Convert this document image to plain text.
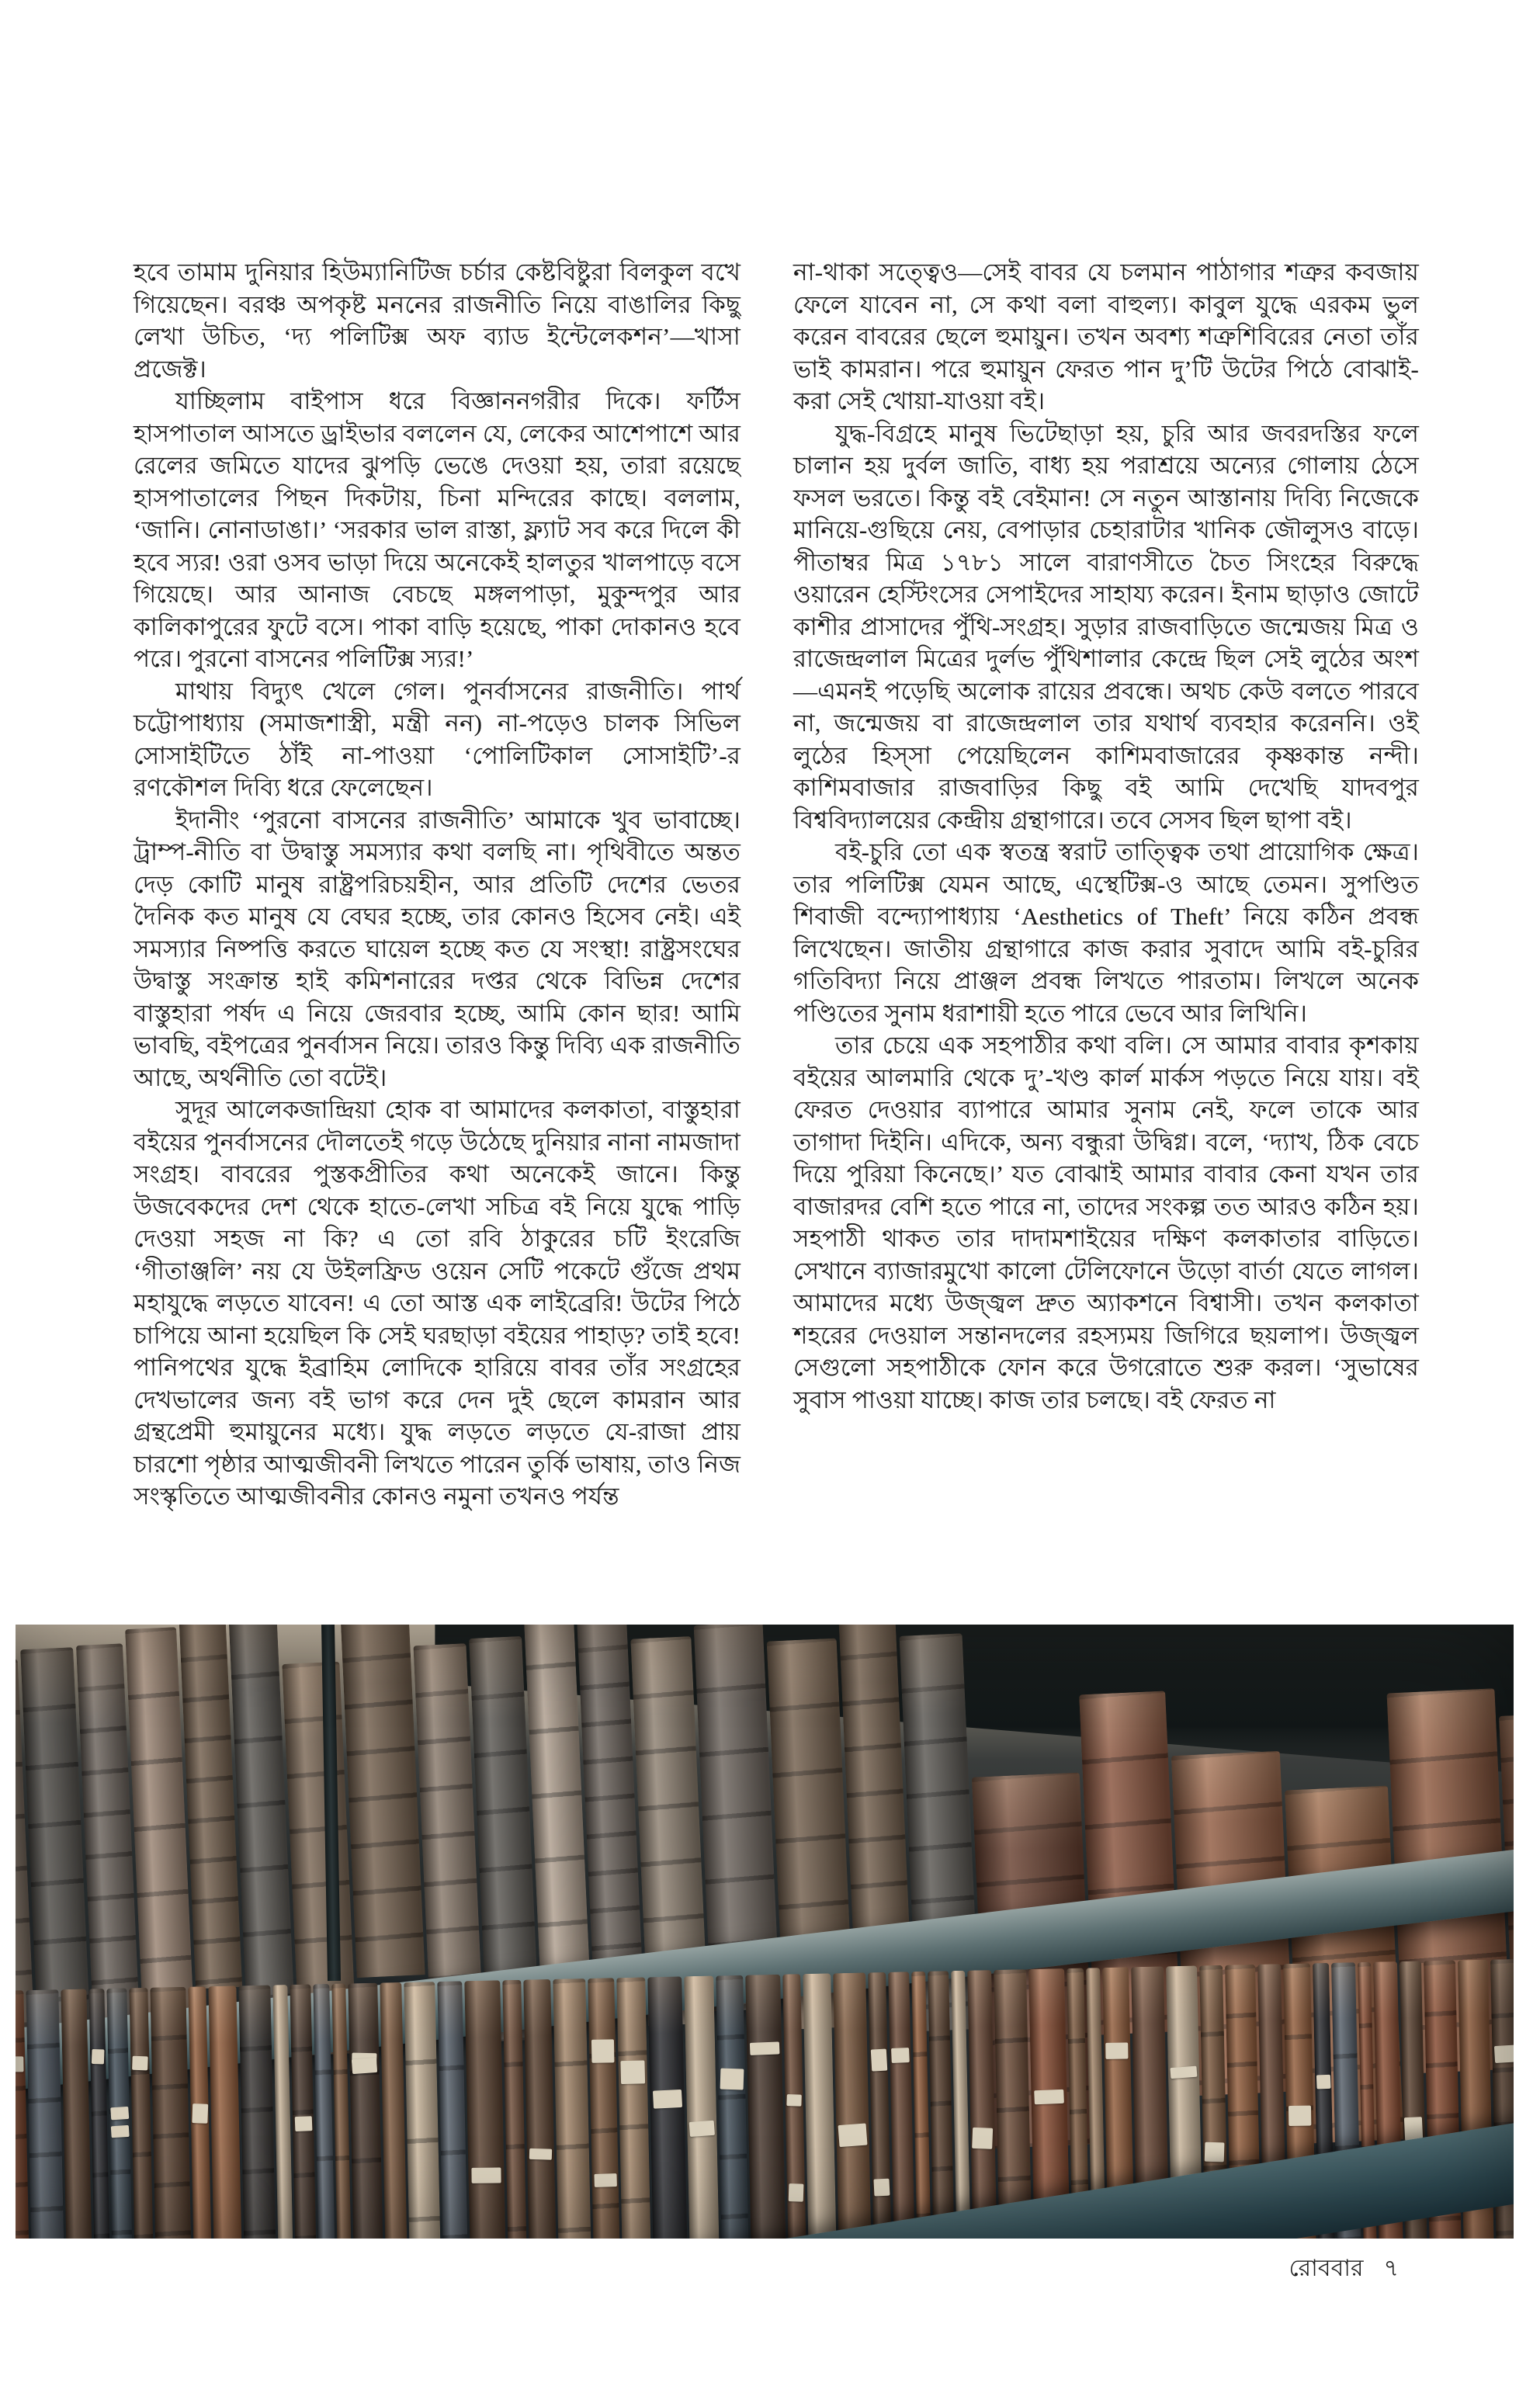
হবে তামাম দুনিয়ার হিউম্যানিটিজ চর্চার কেষ্টবিষ্টুরা বিলকুল বখে গিয়েছেন। বরঞ্চ অপকৃষ্ট মননের রাজনীতি নিয়ে বাঙালির কিছু লেখা উচিত, ‘দ্য পলিটিক্স অফ ব্যাড ইন্টেলেকশন’—খাসা প্রজেক্ট।

যাচ্ছিলাম বাইপাস ধরে বিজ্ঞাননগরীর দিকে। ফর্টিস হাসপাতাল আসতে ড্রাইভার বললেন যে, লেকের আশেপাশে আর রেলের জমিতে যাদের ঝুপড়ি ভেঙে দেওয়া হয়, তারা রয়েছে হাসপাতালের পিছন দিকটায়, চিনা মন্দিরের কাছে। বললাম, ‘জানি। নোনাডাঙা।’ ‘সরকার ভাল রাস্তা, ফ্ল্যাট সব করে দিলে কী হবে স্যর! ওরা ওসব ভাড়া দিয়ে অনেকেই হালতুর খালপাড়ে বসে গিয়েছে। আর আনাজ বেচছে মঙ্গলপাড়া, মুকুন্দপুর আর কালিকাপুরের ফুটে বসে। পাকা বাড়ি হয়েছে, পাকা দোকানও হবে পরে। পুরনো বাসনের পলিটিক্স স্যর!’

মাথায় বিদ্যুৎ খেলে গেল। পুনর্বাসনের রাজনীতি। পার্থ চট্টোপাধ্যায় (সমাজশাস্ত্রী, মন্ত্রী নন) না-পড়েও চালক সিভিল সোসাইটিতে ঠাঁই না-পাওয়া ‘পোলিটিকাল সোসাইটি’-র রণকৌশল দিব্যি ধরে ফেলেছেন।

ইদানীং ‘পুরনো বাসনের রাজনীতি’ আমাকে খুব ভাবাচ্ছে। ট্রাম্প-নীতি বা উদ্বাস্তু সমস্যার কথা বলছি না। পৃথিবীতে অন্তত দেড় কোটি মানুষ রাষ্ট্রপরিচয়হীন, আর প্রতিটি দেশের ভেতর দৈনিক কত মানুষ যে বেঘর হচ্ছে, তার কোনও হিসেব নেই। এই সমস্যার নিষ্পত্তি করতে ঘায়েল হচ্ছে কত যে সংস্থা! রাষ্ট্রসংঘের উদ্বাস্তু সংক্রান্ত হাই কমিশনারের দপ্তর থেকে বিভিন্ন দেশের বাস্তুহারা পর্ষদ এ নিয়ে জেরবার হচ্ছে, আমি কোন ছার! আমি ভাবছি, বইপত্রের পুনর্বাসন নিয়ে। তারও কিন্তু দিব্যি এক রাজনীতি আছে, অর্থনীতি তো বটেই।

সুদূর আলেকজান্দ্রিয়া হোক বা আমাদের কলকাতা, বাস্তুহারা বইয়ের পুনর্বাসনের দৌলতেই গড়ে উঠেছে দুনিয়ার নানা নামজাদা সংগ্রহ। বাবরের পুস্তকপ্রীতির কথা অনেকেই জানে। কিন্তু উজবেকদের দেশ থেকে হাতে-লেখা সচিত্র বই নিয়ে যুদ্ধে পাড়ি দেওয়া সহজ না কি? এ তো রবি ঠাকুরের চটি ইংরেজি ‘গীতাঞ্জলি’ নয় যে উইলফ্রিড ওয়েন সেটি পকেটে গুঁজে প্রথম মহাযুদ্ধে লড়তে যাবেন! এ তো আস্ত এক লাইব্রেরি! উটের পিঠে চাপিয়ে আনা হয়েছিল কি সেই ঘরছাড়া বইয়ের পাহাড়? তাই হবে! পানিপথের যুদ্ধে ইব্রাহিম লোদিকে হারিয়ে বাবর তাঁর সংগ্রহের দেখভালের জন্য বই ভাগ করে দেন দুই ছেলে কামরান আর গ্রন্থপ্রেমী হুমায়ুনের মধ্যে। যুদ্ধ লড়তে লড়তে যে-রাজা প্রায় চারশো পৃষ্ঠার আত্মজীবনী লিখতে পারেন তুর্কি ভাষায়, তাও নিজ সংস্কৃতিতে আত্মজীবনীর কোনও নমুনা তখনও পর্যন্ত

না-থাকা সত্ত্বেও—সেই বাবর যে চলমান পাঠাগার শত্রুর কবজায় ফেলে যাবেন না, সে কথা বলা বাহুল্য। কাবুল যুদ্ধে এরকম ভুল করেন বাবরের ছেলে হুমায়ুন। তখন অবশ্য শত্রুশিবিরের নেতা তাঁর ভাই কামরান। পরে হুমায়ুন ফেরত পান দু’টি উটের পিঠে বোঝাই-করা সেই খোয়া-যাওয়া বই।

যুদ্ধ-বিগ্রহে মানুষ ভিটেছাড়া হয়, চুরি আর জবরদস্তির ফলে চালান হয় দুর্বল জাতি, বাধ্য হয় পরাশ্রয়ে অন্যের গোলায় ঠেসে ফসল ভরতে। কিন্তু বই বেইমান! সে নতুন আস্তানায় দিব্যি নিজেকে মানিয়ে-গুছিয়ে নেয়, বেপাড়ার চেহারাটার খানিক জৌলুসও বাড়ে। পীতাম্বর মিত্র ১৭৮১ সালে বারাণসীতে চৈত সিংহের বিরুদ্ধে ওয়ারেন হেস্টিংসের সেপাইদের সাহায্য করেন। ইনাম ছাড়াও জোটে কাশীর প্রাসাদের পুঁথি-সংগ্রহ। সুড়ার রাজবাড়িতে জন্মেজয় মিত্র ও রাজেন্দ্রলাল মিত্রের দুর্লভ পুঁথিশালার কেন্দ্রে ছিল সেই লুঠের অংশ—এমনই পড়েছি অলোক রায়ের প্রবন্ধে। অথচ কেউ বলতে পারবে না, জন্মেজয় বা রাজেন্দ্রলাল তার যথার্থ ব্যবহার করেননি। ওই লুঠের হিস্সা পেয়েছিলেন কাশিমবাজারের কৃষ্ণকান্ত নন্দী। কাশিমবাজার রাজবাড়ির কিছু বই আমি দেখেছি যাদবপুর বিশ্ববিদ্যালয়ের কেন্দ্রীয় গ্রন্থাগারে। তবে সেসব ছিল ছাপা বই।

বই-চুরি তো এক স্বতন্ত্র স্বরাট তাত্ত্বিক তথা প্রায়োগিক ক্ষেত্র। তার পলিটিক্স যেমন আছে, এস্থেটিক্স-ও আছে তেমন। সুপণ্ডিত শিবাজী বন্দ্যোপাধ্যায় ‘Aesthetics of Theft’ নিয়ে কঠিন প্রবন্ধ লিখেছেন। জাতীয় গ্রন্থাগারে কাজ করার সুবাদে আমি বই-চুরির গতিবিদ্যা নিয়ে প্রাঞ্জল প্রবন্ধ লিখতে পারতাম। লিখলে অনেক পণ্ডিতের সুনাম ধরাশায়ী হতে পারে ভেবে আর লিখিনি।

তার চেয়ে এক সহপাঠীর কথা বলি। সে আমার বাবার কৃশকায় বইয়ের আলমারি থেকে দু’-খণ্ড কার্ল মার্কস পড়তে নিয়ে যায়। বই ফেরত দেওয়ার ব্যাপারে আমার সুনাম নেই, ফলে তাকে আর তাগাদা দিইনি। এদিকে, অন্য বন্ধুরা উদ্বিগ্ন। বলে, ‘দ্যাখ, ঠিক বেচে দিয়ে পুরিয়া কিনেছে।’ যত বোঝাই আমার বাবার কেনা যখন তার বাজারদর বেশি হতে পারে না, তাদের সংকল্প তত আরও কঠিন হয়। সহপাঠী থাকত তার দাদামশাইয়ের দক্ষিণ কলকাতার বাড়িতে। সেখানে ব্যাজারমুখো কালো টেলিফোনে উড়ো বার্তা যেতে লাগল। আমাদের মধ্যে উজ্জ্বল দ্রুত অ্যাকশনে বিশ্বাসী। তখন কলকাতা শহরের দেওয়াল সন্তানদলের রহস্যময় জিগিরে ছয়লাপ। উজ্জ্বল সেগুলো সহপাঠীকে ফোন করে উগরোতে শুরু করল। ‘সুভাষের সুবাস পাওয়া যাচ্ছে। কাজ তার চলছে। বই ফেরত না

রোববার ৭
